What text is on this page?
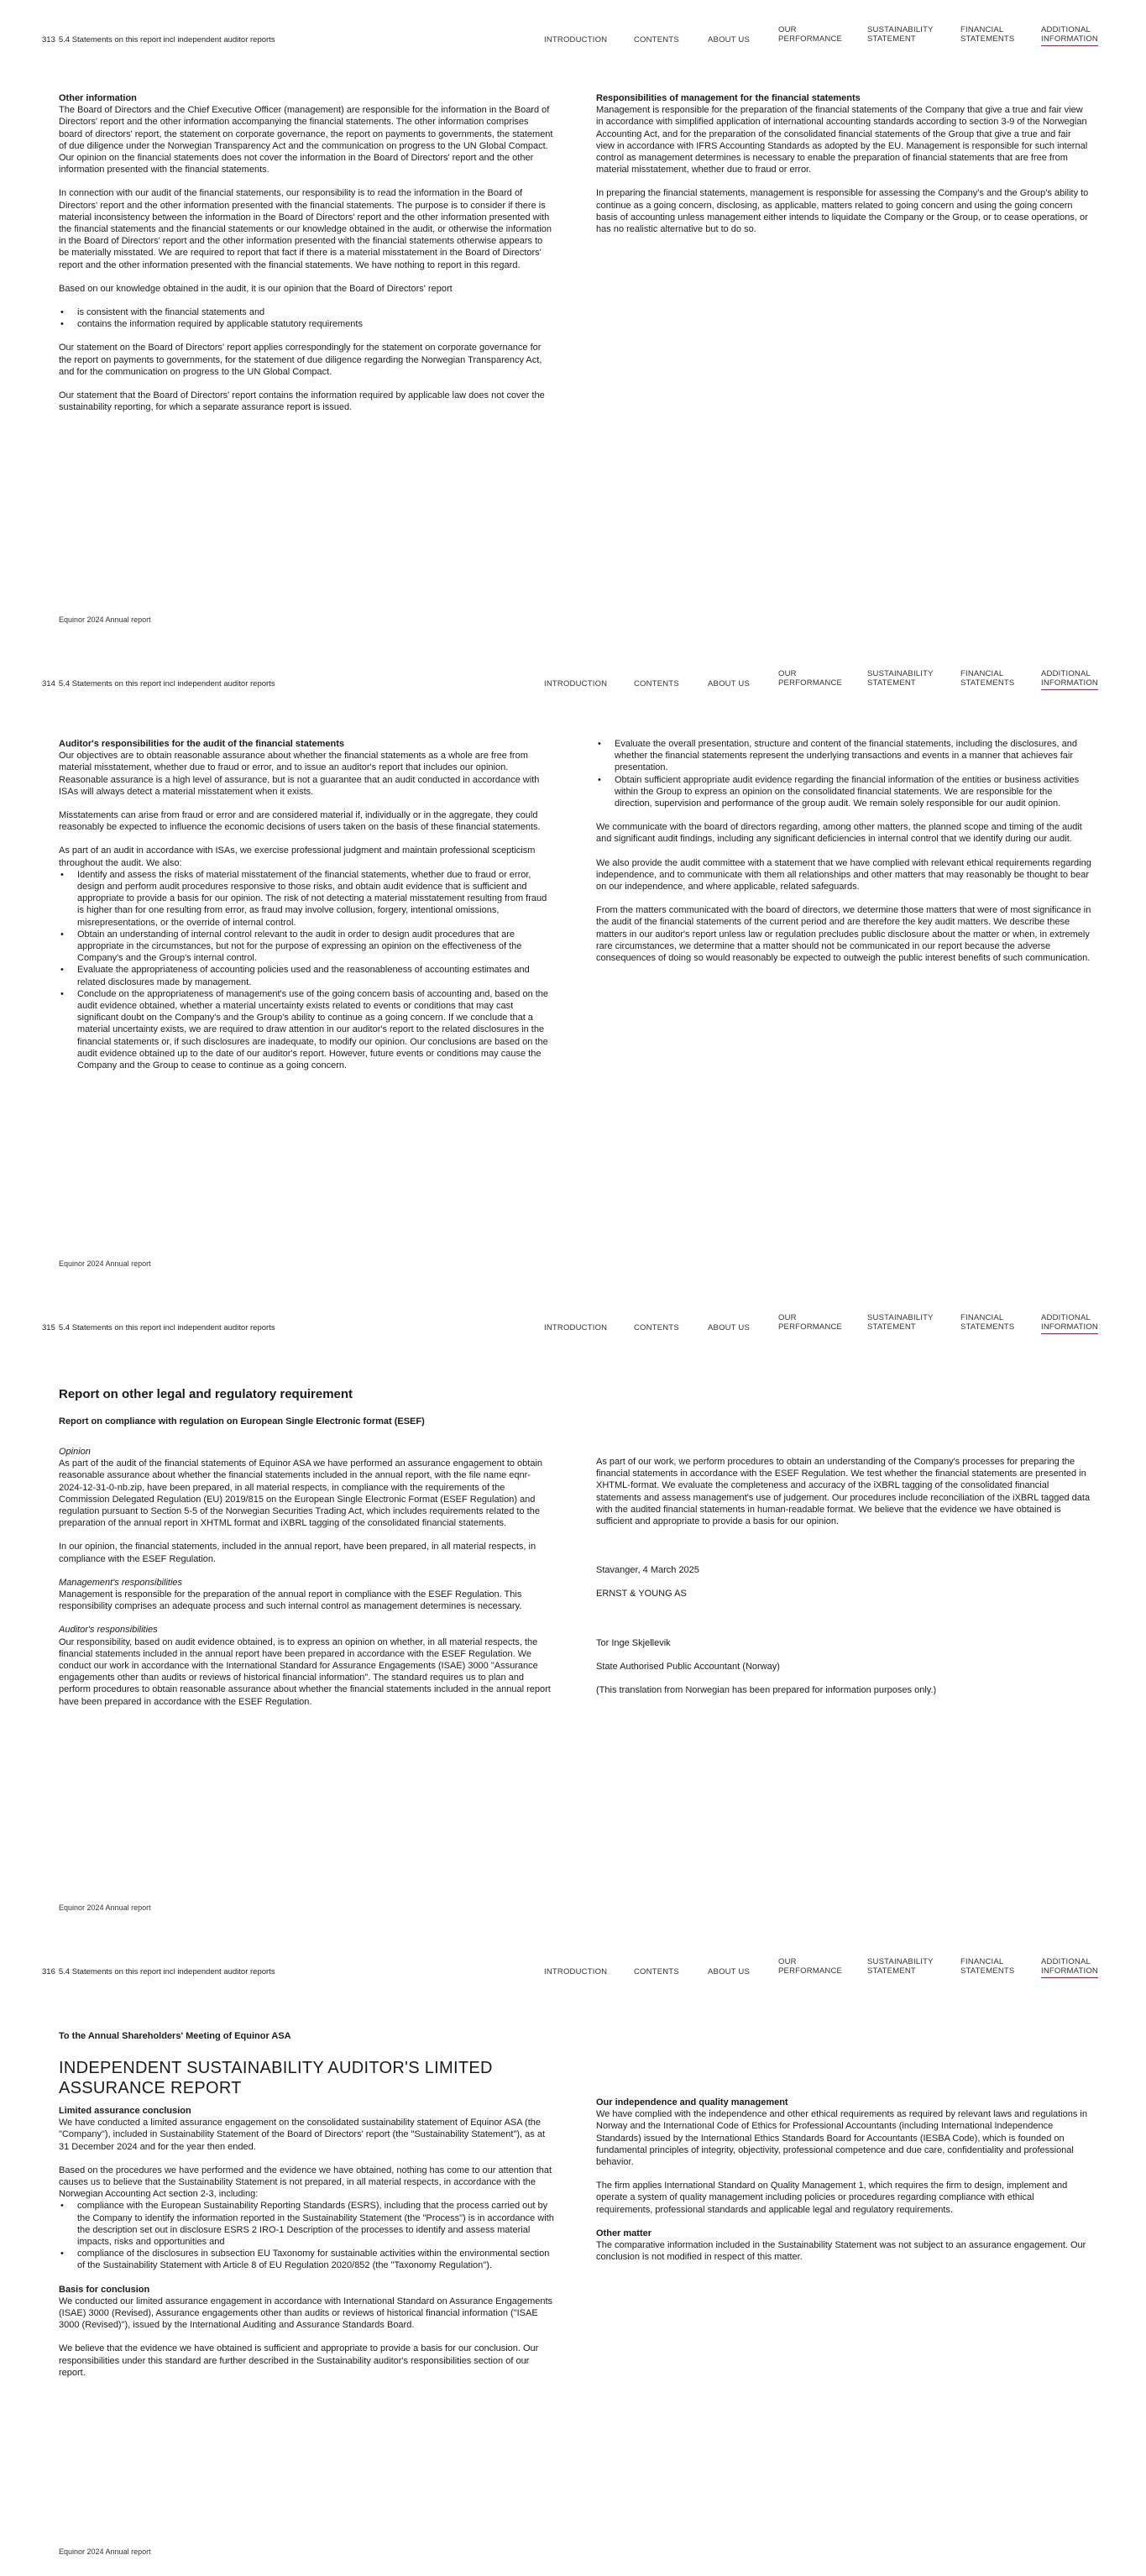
313 5.4 Statements on this report incl independent auditor reports	INTRODUCTION	CONTENTS	ABOUT US
OUR
PERFORMANCE
SUSTAINABILITY
STATEMENT
FINANCIAL
STATEMENTS
ADDITIONAL
INFORMATION
Other information

The Board of Directors and the Chief Executive Officer (management) are responsible for the information in the Board of Directors' report and the other information accompanying the financial statements. The other information comprises board of directors' report, the statement on corporate governance, the report on payments to governments, the statement of due diligence under the Norwegian Transparency Act and the communication on progress to the UN Global Compact. Our opinion on the financial statements does not cover the information in the Board of Directors' report and the other information presented with the financial statements.

In connection with our audit of the financial statements, our responsibility is to read the information in the Board of Directors' report and the other information presented with the financial statements. The purpose is to consider if there is material inconsistency between the information in the Board of Directors' report and the other information presented with the financial statements and the financial statements or our knowledge obtained in the audit, or otherwise the information in the Board of Directors' report and the other information presented with the financial statements otherwise appears to be materially misstated. We are required to report that fact if there is a material misstatement in the Board of Directors' report and the other information presented with the financial statements. We have nothing to report in this regard.

Based on our knowledge obtained in the audit, it is our opinion that the Board of Directors' report

• is consistent with the financial statements and
• contains the information required by applicable statutory requirements

Our statement on the Board of Directors' report applies correspondingly for the statement on corporate governance for the report on payments to governments, for the statement of due diligence regarding the Norwegian Transparency Act, and for the communication on progress to the UN Global Compact.

Our statement that the Board of Directors' report contains the information required by applicable law does not cover the sustainability reporting, for which a separate assurance report is issued.

Responsibilities of management for the financial statements

Management is responsible for the preparation of the financial statements of the Company that give a true and fair view in accordance with simplified application of international accounting standards according to section 3-9 of the Norwegian Accounting Act, and for the preparation of the consolidated financial statements of the Group that give a true and fair view in accordance with IFRS Accounting Standards as adopted by the EU. Management is responsible for such internal control as management determines is necessary to enable the preparation of financial statements that are free from material misstatement, whether due to fraud or error.

In preparing the financial statements, management is responsible for assessing the Company's and the Group's ability to continue as a going concern, disclosing, as applicable, matters related to going concern and using the going concern basis of accounting unless management either intends to liquidate the Company or the Group, or to cease operations, or has no realistic alternative but to do so.

Equinor 2024 Annual report
314 5.4 Statements on this report incl independent auditor reports	INTRODUCTION	CONTENTS	ABOUT US
OUR
PERFORMANCE
SUSTAINABILITY
STATEMENT
FINANCIAL
STATEMENTS
ADDITIONAL
INFORMATION
Auditor's responsibilities for the audit of the financial statements

Our objectives are to obtain reasonable assurance about whether the financial statements as a whole are free from material misstatement, whether due to fraud or error, and to issue an auditor's report that includes our opinion. Reasonable assurance is a high level of assurance, but is not a guarantee that an audit conducted in accordance with ISAs will always detect a material misstatement when it exists.

Misstatements can arise from fraud or error and are considered material if, individually or in the aggregate, they could reasonably be expected to influence the economic decisions of users taken on the basis of these financial statements.

As part of an audit in accordance with ISAs, we exercise professional judgment and maintain professional scepticism throughout the audit. We also:

• Identify and assess the risks of material misstatement of the financial statements, whether due to fraud or error, design and perform audit procedures responsive to those risks, and obtain audit evidence that is sufficient and appropriate to provide a basis for our opinion. The risk of not detecting a material misstatement resulting from fraud is higher than for one resulting from error, as fraud may involve collusion, forgery, intentional omissions, misrepresentations, or the override of internal control.
• Obtain an understanding of internal control relevant to the audit in order to design audit procedures that are appropriate in the circumstances, but not for the purpose of expressing an opinion on the effectiveness of the Company's and the Group's internal control.
• Evaluate the appropriateness of accounting policies used and the reasonableness of accounting estimates and related disclosures made by management.
• Conclude on the appropriateness of management's use of the going concern basis of accounting and, based on the audit evidence obtained, whether a material uncertainty exists related to events or conditions that may cast significant doubt on the Company's and the Group's ability to continue as a going concern. If we conclude that a material uncertainty exists, we are required to draw attention in our auditor's report to the related disclosures in the financial statements or, if such disclosures are inadequate, to modify our opinion. Our conclusions are based on the audit evidence obtained up to the date of our auditor's report. However, future events or conditions may cause the Company and the Group to cease to continue as a going concern.
• Evaluate the overall presentation, structure and content of the financial statements, including the disclosures, and whether the financial statements represent the underlying transactions and events in a manner that achieves fair presentation.
• Obtain sufficient appropriate audit evidence regarding the financial information of the entities or business activities within the Group to express an opinion on the consolidated financial statements. We are responsible for the direction, supervision and performance of the group audit. We remain solely responsible for our audit opinion.

We communicate with the board of directors regarding, among other matters, the planned scope and timing of the audit and significant audit findings, including any significant deficiencies in internal control that we identify during our audit.

We also provide the audit committee with a statement that we have complied with relevant ethical requirements regarding independence, and to communicate with them all relationships and other matters that may reasonably be thought to bear on our independence, and where applicable, related safeguards.

From the matters communicated with the board of directors, we determine those matters that were of most significance in the audit of the financial statements of the current period and are therefore the key audit matters. We describe these matters in our auditor's report unless law or regulation precludes public disclosure about the matter or when, in extremely rare circumstances, we determine that a matter should not be communicated in our report because the adverse consequences of doing so would reasonably be expected to outweigh the public interest benefits of such communication.

Equinor 2024 Annual report
315 5.4 Statements on this report incl independent auditor reports	INTRODUCTION	CONTENTS	ABOUT US
OUR
PERFORMANCE
SUSTAINABILITY
STATEMENT
FINANCIAL
STATEMENTS
ADDITIONAL
INFORMATION
Report on other legal and regulatory requirement
Report on compliance with regulation on European Single Electronic format (ESEF)
Opinion

As part of the audit of the financial statements of Equinor ASA we have performed an assurance engagement to obtain reasonable assurance about whether the financial statements included in the annual report, with the file name eqnr-2024-12-31-0-nb.zip, have been prepared, in all material respects, in compliance with the requirements of the Commission Delegated Regulation (EU) 2019/815 on the European Single Electronic Format (ESEF Regulation) and regulation pursuant to Section 5-5 of the Norwegian Securities Trading Act, which includes requirements related to the preparation of the annual report in XHTML format and iXBRL tagging of the consolidated financial statements.

In our opinion, the financial statements, included in the annual report, have been prepared, in all material respects, in compliance with the ESEF Regulation.

Management's responsibilities

Management is responsible for the preparation of the annual report in compliance with the ESEF Regulation. This responsibility comprises an adequate process and such internal control as management determines is necessary.

Auditor's responsibilities

Our responsibility, based on audit evidence obtained, is to express an opinion on whether, in all material respects, the financial statements included in the annual report have been prepared in accordance with the ESEF Regulation. We conduct our work in accordance with the International Standard for Assurance Engagements (ISAE) 3000 "Assurance engagements other than audits or reviews of historical financial information". The standard requires us to plan and perform procedures to obtain reasonable assurance about whether the financial statements included in the annual report have been prepared in accordance with the ESEF Regulation.

As part of our work, we perform procedures to obtain an understanding of the Company's processes for preparing the financial statements in accordance with the ESEF Regulation. We test whether the financial statements are presented in XHTML-format. We evaluate the completeness and accuracy of the iXBRL tagging of the consolidated financial statements and assess management's use of judgement. Our procedures include reconciliation of the iXBRL tagged data with the audited financial statements in human-readable format. We believe that the evidence we have obtained is sufficient and appropriate to provide a basis for our opinion.

Stavanger, 4 March 2025

ERNST & YOUNG AS

Tor Inge Skjellevik

State Authorised Public Accountant (Norway)

(This translation from Norwegian has been prepared for information purposes only.)

Equinor 2024 Annual report
316 5.4 Statements on this report incl independent auditor reports	INTRODUCTION	CONTENTS	ABOUT US
OUR
PERFORMANCE
SUSTAINABILITY
STATEMENT
FINANCIAL
STATEMENTS
ADDITIONAL
INFORMATION
To the Annual Shareholders' Meeting of Equinor ASA
INDEPENDENT SUSTAINABILITY AUDITOR'S LIMITED ASSURANCE REPORT
Limited assurance conclusion

We have conducted a limited assurance engagement on the consolidated sustainability statement of Equinor ASA (the "Company"), included in Sustainability Statement of the Board of Directors' report (the "Sustainability Statement"), as at 31 December 2024 and for the year then ended.

Based on the procedures we have performed and the evidence we have obtained, nothing has come to our attention that causes us to believe that the Sustainability Statement is not prepared, in all material respects, in accordance with the Norwegian Accounting Act section 2-3, including:

• compliance with the European Sustainability Reporting Standards (ESRS), including that the process carried out by the Company to identify the information reported in the Sustainability Statement (the "Process") is in accordance with the description set out in disclosure ESRS 2 IRO-1 Description of the processes to identify and assess material impacts, risks and opportunities and
• compliance of the disclosures in subsection EU Taxonomy for sustainable activities within the environmental section of the Sustainability Statement with Article 8 of EU Regulation 2020/852 (the "Taxonomy Regulation").
Basis for conclusion

We conducted our limited assurance engagement in accordance with International Standard on Assurance Engagements (ISAE) 3000 (Revised), Assurance engagements other than audits or reviews of historical financial information ("ISAE 3000 (Revised)"), issued by the International Auditing and Assurance Standards Board.

We believe that the evidence we have obtained is sufficient and appropriate to provide a basis for our conclusion. Our responsibilities under this standard are further described in the Sustainability auditor's responsibilities section of our report.

Our independence and quality management

We have complied with the independence and other ethical requirements as required by relevant laws and regulations in Norway and the International Code of Ethics for Professional Accountants (including International Independence Standards) issued by the International Ethics Standards Board for Accountants (IESBA Code), which is founded on fundamental principles of integrity, objectivity, professional competence and due care, confidentiality and professional behavior.

The firm applies International Standard on Quality Management 1, which requires the firm to design, implement and operate a system of quality management including policies or procedures regarding compliance with ethical requirements, professional standards and applicable legal and regulatory requirements.

Other matter

The comparative information included in the Sustainability Statement was not subject to an assurance engagement. Our conclusion is not modified in respect of this matter.

Equinor 2024 Annual report
